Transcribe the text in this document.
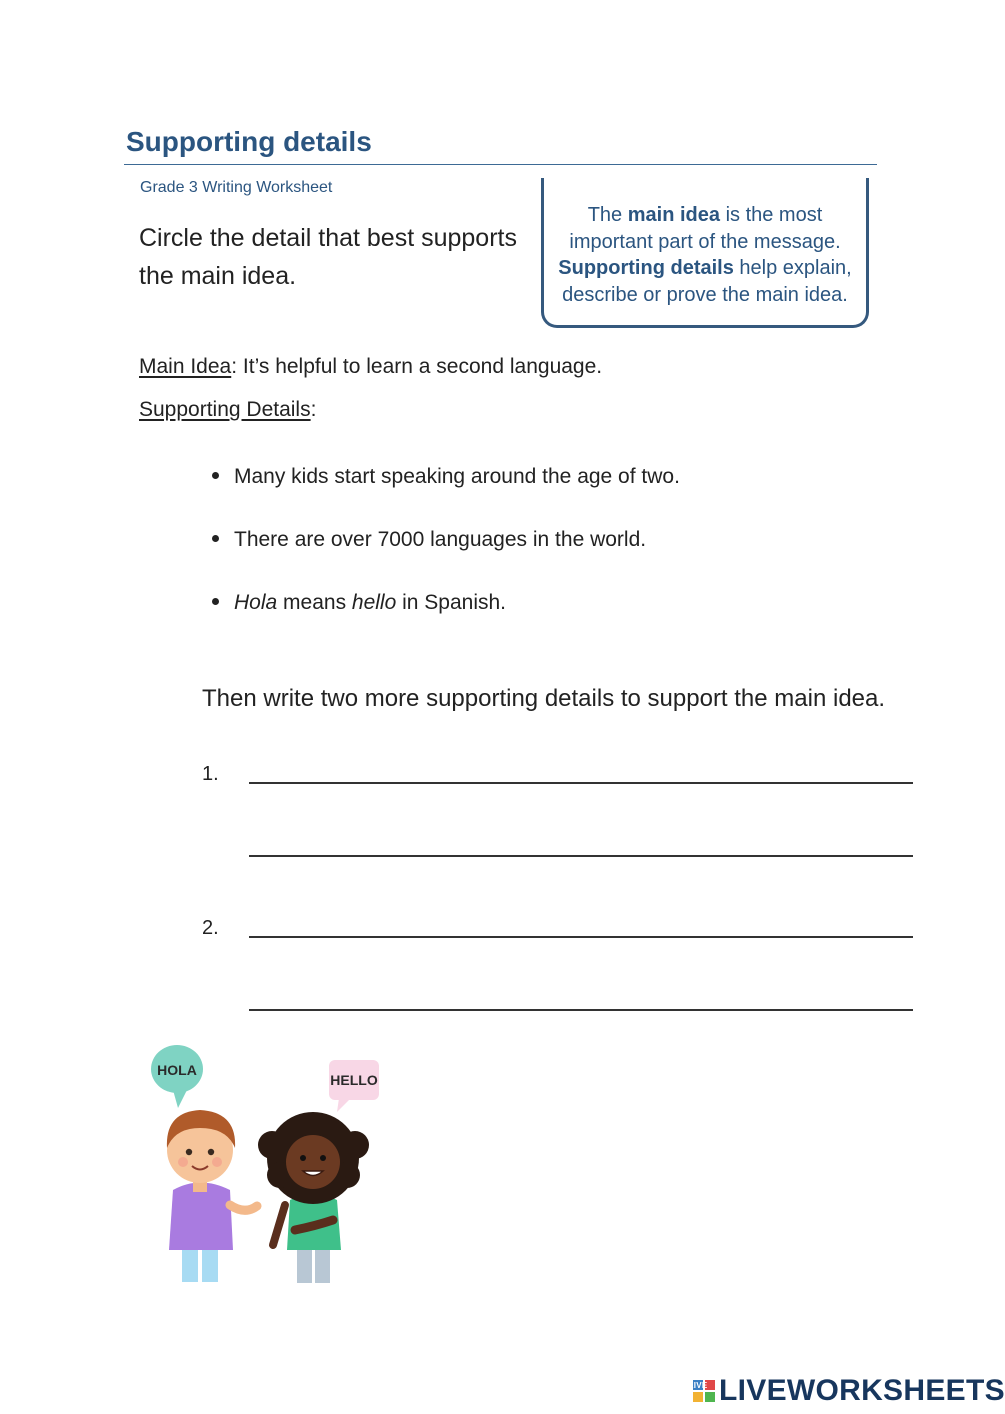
Supporting details
Grade 3 Writing Worksheet
Circle the detail that best supports the main idea.
The main idea is the most important part of the message.
Supporting details help explain, describe or prove the main idea.
Main Idea: It’s helpful to learn a second language.
Supporting Details:
Many kids start speaking around the age of two.
There are over 7000 languages in the world.
Hola means hello in Spanish.
Then write two more supporting details to support the main idea.
1.
2.
HOLA
HELLO
LIVE LIVEWORKSHEETS
